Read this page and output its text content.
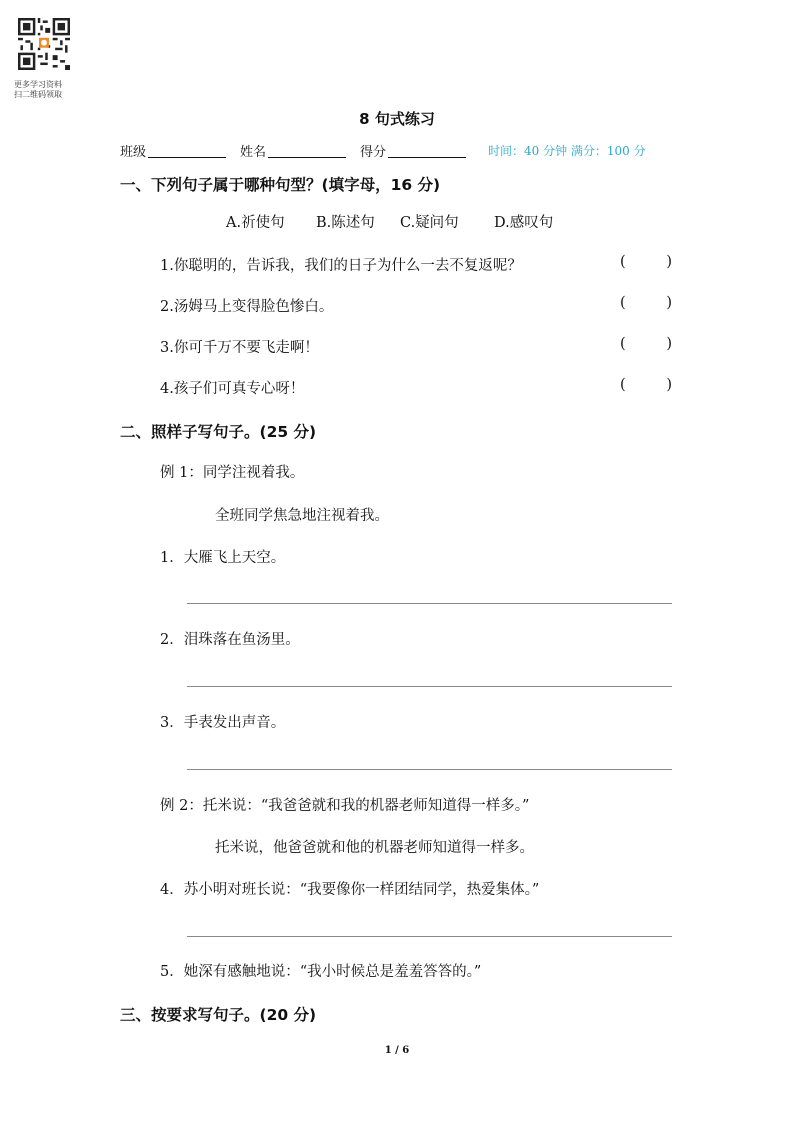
更多学习资料
扫二维码领取
8 句式练习
班级	姓名	得分	时间：40 分钟 满分：100 分
一、下列句子属于哪种句型？(填字母，16 分)
A.祈使句 B.陈述句 C.疑问句 D.感叹句
1.你聪明的，告诉我，我们的日子为什么一去不复返呢？	(	)
2.汤姆马上变得脸色惨白。	(	)
3.你可千万不要飞走啊！	(	)
4.孩子们可真专心呀！	(	)
二、照样子写句子。(25 分)
例 1：同学注视着我。
全班同学焦急地注视着我。
1．大雁飞上天空。
2．泪珠落在鱼汤里。
3．手表发出声音。
例 2：托米说：“我爸爸就和我的机器老师知道得一样多。”
托米说，他爸爸就和他的机器老师知道得一样多。
4．苏小明对班长说：“我要像你一样团结同学，热爱集体。”
5．她深有感触地说：“我小时候总是羞羞答答的。”
三、按要求写句子。(20 分)
1 / 6
